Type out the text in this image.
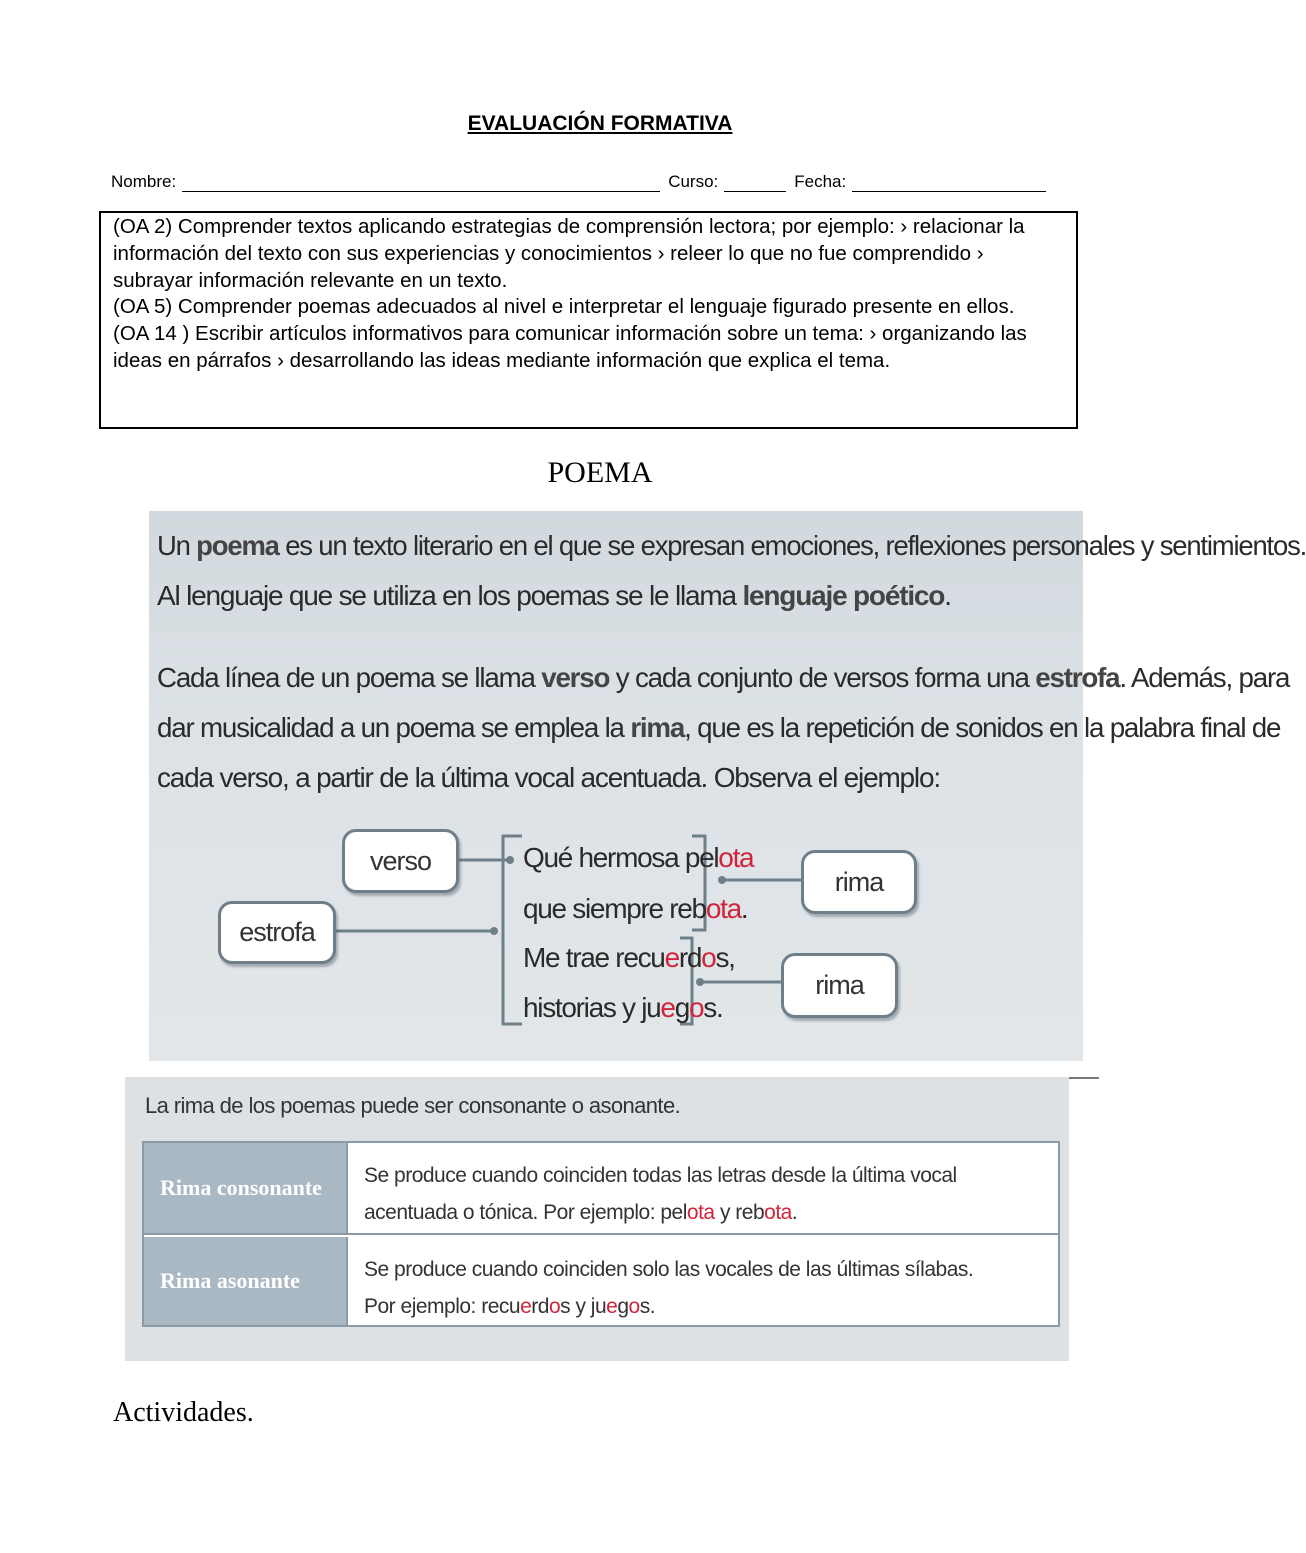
EVALUACIÓN FORMATIVA
Nombre:	Curso:	Fecha:
(OA 2) Comprender textos aplicando estrategias de comprensión lectora; por ejemplo: › relacionar la información del texto con sus experiencias y conocimientos › releer lo que no fue comprendido › subrayar información relevante en un texto.
(OA 5) Comprender poemas adecuados al nivel e interpretar el lenguaje figurado presente en ellos.
(OA 14 ) Escribir artículos informativos para comunicar información sobre un tema: › organizando las ideas en párrafos › desarrollando las ideas mediante información que explica el tema.
POEMA
Un poema es un texto literario en el que se expresan emociones, reflexiones personales y sentimientos.
Al lenguaje que se utiliza en los poemas se le llama lenguaje poético.
Cada línea de un poema se llama verso y cada conjunto de versos forma una estrofa. Además, para
dar musicalidad a un poema se emplea la rima, que es la repetición de sonidos en la palabra final de
cada verso, a partir de la última vocal acentuada. Observa el ejemplo:
verso
estrofa
rima
rima
Qué hermosa pelota
que siempre rebota.
Me trae recuerdos,
historias y juegos.
La rima de los poemas puede ser consonante o asonante.
Rima consonante	Se produce cuando coinciden todas las letras desde la última vocal
acentuada o tónica. Por ejemplo: pelota y rebota.
Rima asonante	Se produce cuando coinciden solo las vocales de las últimas sílabas.
Por ejemplo: recuerdos y juegos.
Actividades.
